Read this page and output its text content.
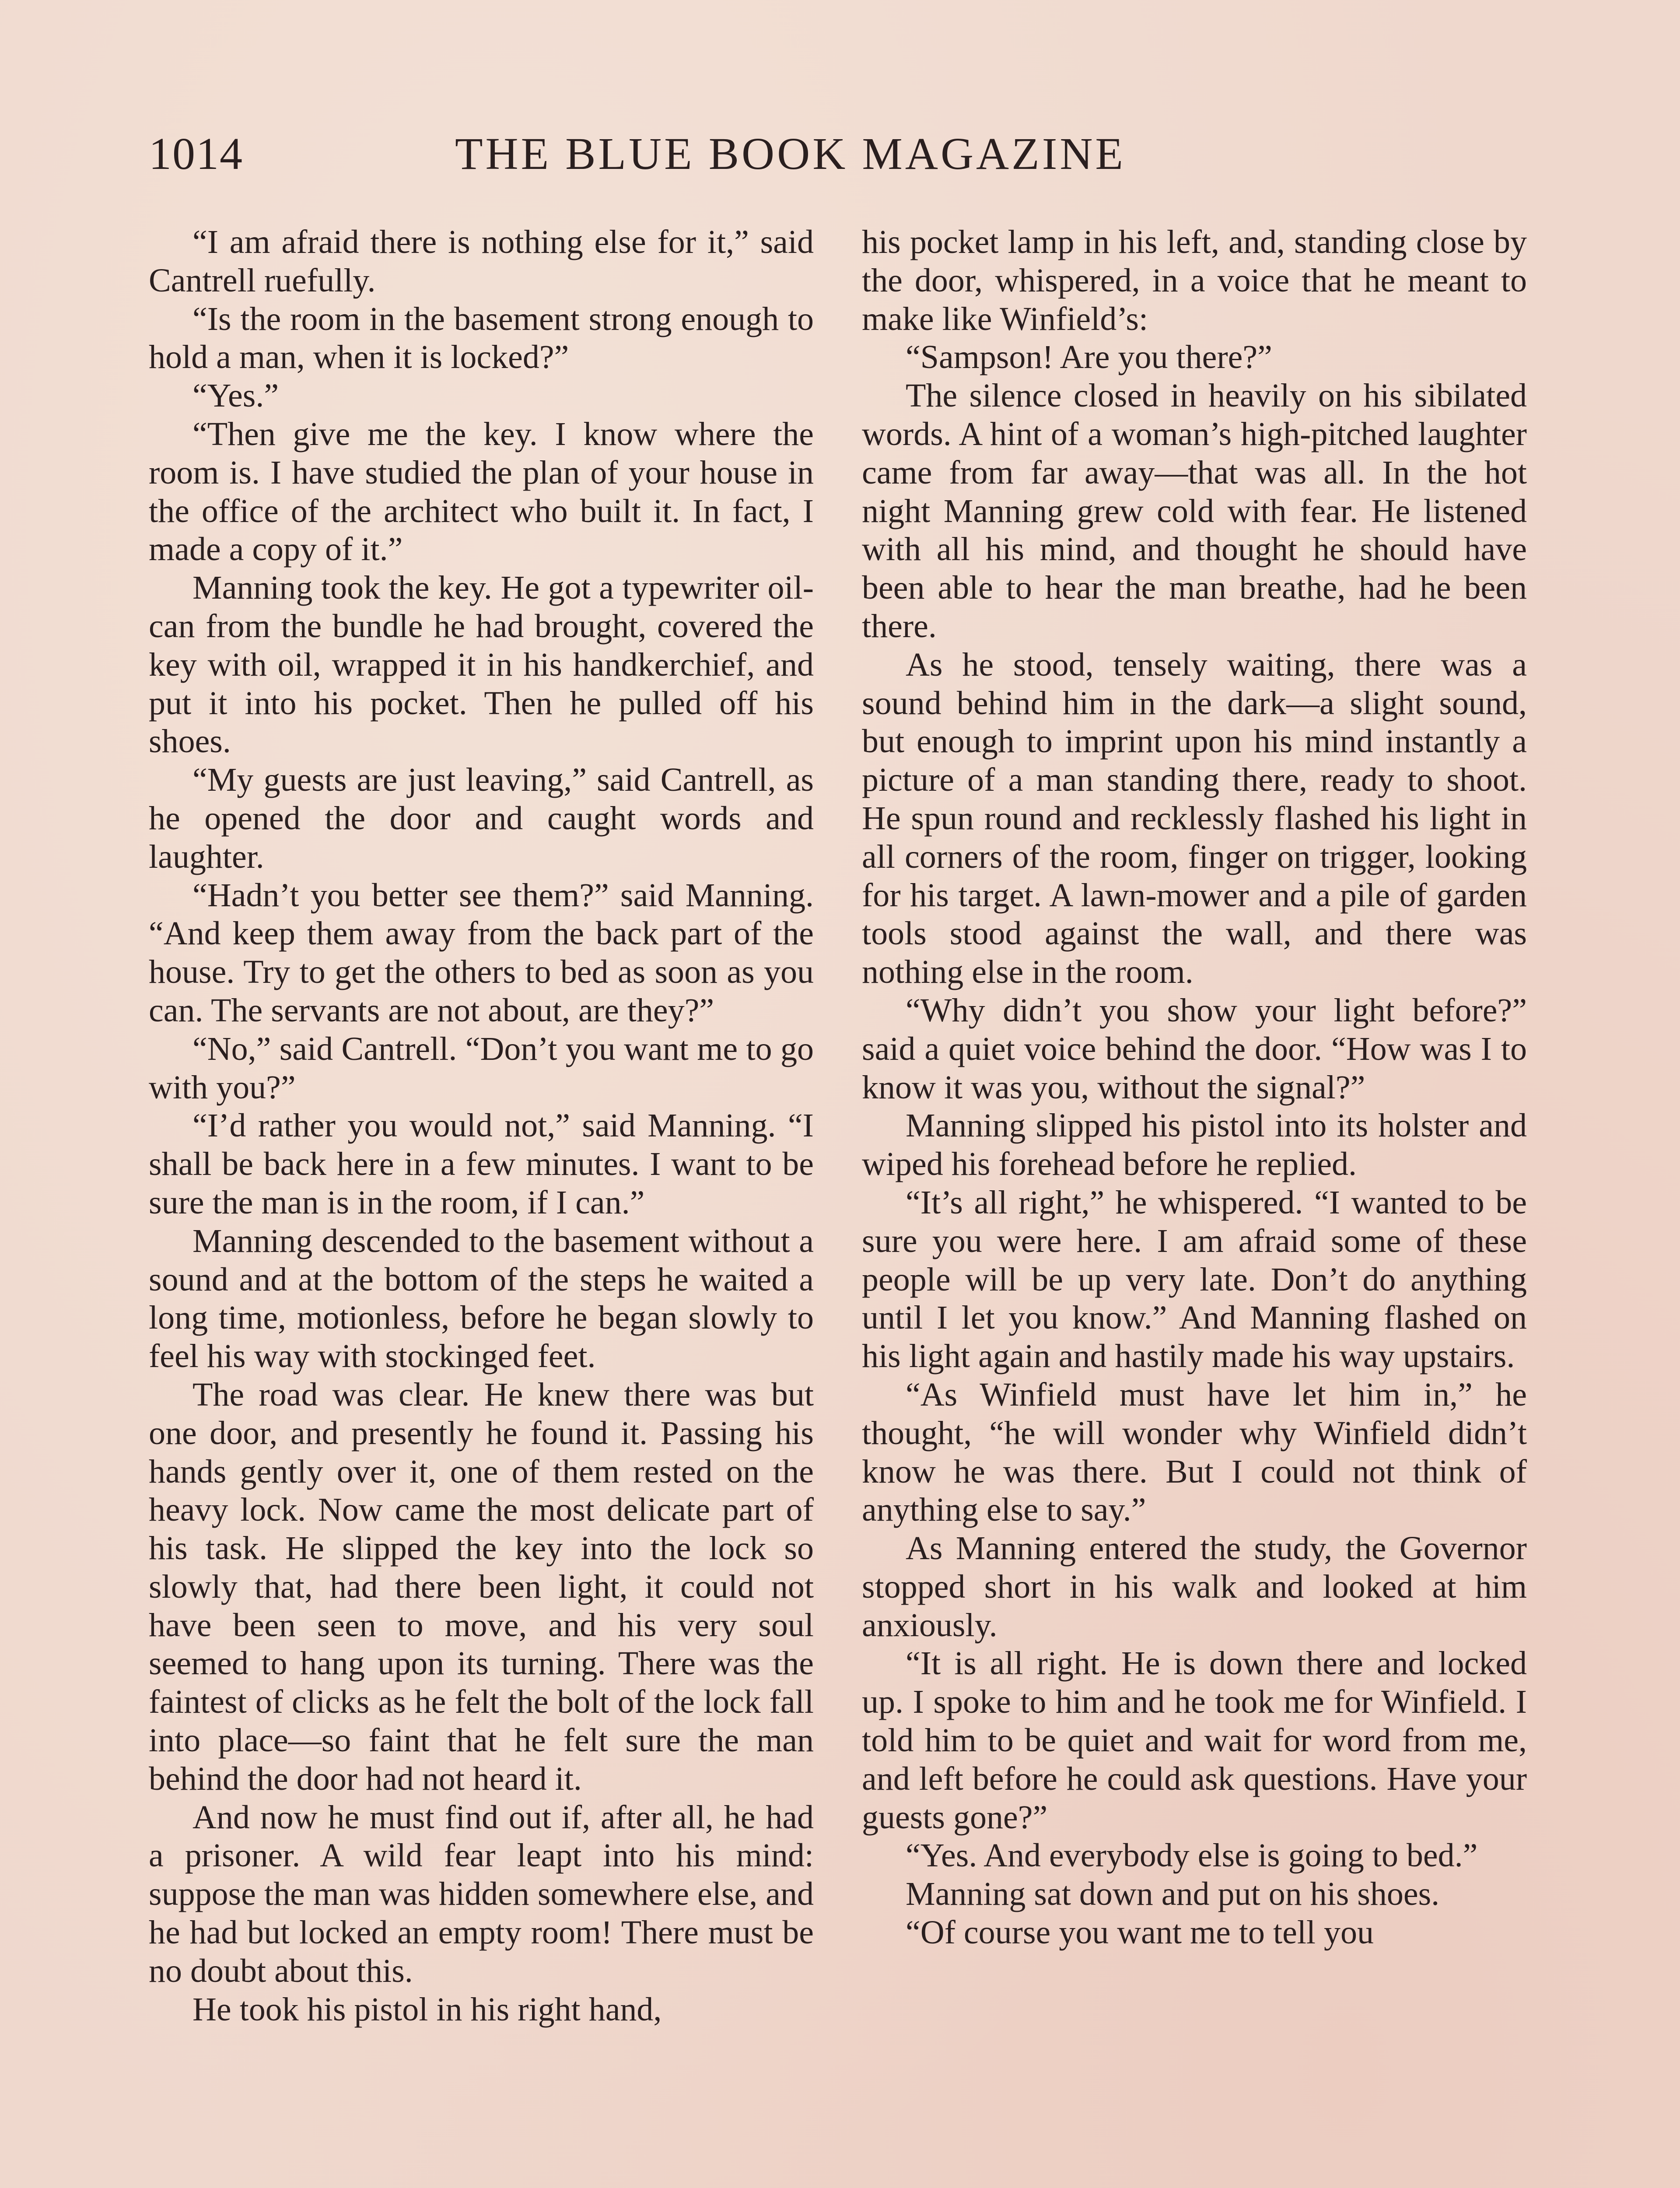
1014	THE BLUE BOOK MAGAZINE

“I am afraid there is nothing else for it,” said Cantrell ruefully.

“Is the room in the basement strong enough to hold a man, when it is locked?”

“Yes.”

“Then give me the key. I know where the room is. I have studied the plan of your house in the office of the architect who built it. In fact, I made a copy of it.”

Manning took the key. He got a typewriter oil-can from the bundle he had brought, covered the key with oil, wrapped it in his handkerchief, and put it into his pocket. Then he pulled off his shoes.

“My guests are just leaving,” said Cantrell, as he opened the door and caught words and laughter.

“Hadn’t you better see them?” said Manning. “And keep them away from the back part of the house. Try to get the others to bed as soon as you can. The servants are not about, are they?”

“No,” said Cantrell. “Don’t you want me to go with you?”

“I’d rather you would not,” said Manning. “I shall be back here in a few minutes. I want to be sure the man is in the room, if I can.”

Manning descended to the basement without a sound and at the bottom of the steps he waited a long time, motionless, before he began slowly to feel his way with stockinged feet.

The road was clear. He knew there was but one door, and presently he found it. Passing his hands gently over it, one of them rested on the heavy lock. Now came the most delicate part of his task. He slipped the key into the lock so slowly that, had there been light, it could not have been seen to move, and his very soul seemed to hang upon its turning. There was the faintest of clicks as he felt the bolt of the lock fall into place—so faint that he felt sure the man behind the door had not heard it.

And now he must find out if, after all, he had a prisoner. A wild fear leapt into his mind: suppose the man was hidden somewhere else, and he had but locked an empty room! There must be no doubt about this.

He took his pistol in his right hand,

his pocket lamp in his left, and, standing close by the door, whispered, in a voice that he meant to make like Winfield’s:

“Sampson! Are you there?”

The silence closed in heavily on his sibilated words. A hint of a woman’s high-pitched laughter came from far away—that was all. In the hot night Manning grew cold with fear. He listened with all his mind, and thought he should have been able to hear the man breathe, had he been there.

As he stood, tensely waiting, there was a sound behind him in the dark—a slight sound, but enough to imprint upon his mind instantly a picture of a man standing there, ready to shoot. He spun round and recklessly flashed his light in all corners of the room, finger on trigger, looking for his target. A lawn-mower and a pile of garden tools stood against the wall, and there was nothing else in the room.

“Why didn’t you show your light before?” said a quiet voice behind the door. “How was I to know it was you, without the signal?”

Manning slipped his pistol into its holster and wiped his forehead before he replied.

“It’s all right,” he whispered. “I wanted to be sure you were here. I am afraid some of these people will be up very late. Don’t do anything until I let you know.” And Manning flashed on his light again and hastily made his way upstairs.

“As Winfield must have let him in,” he thought, “he will wonder why Winfield didn’t know he was there. But I could not think of anything else to say.”

As Manning entered the study, the Governor stopped short in his walk and looked at him anxiously.

“It is all right. He is down there and locked up. I spoke to him and he took me for Winfield. I told him to be quiet and wait for word from me, and left before he could ask questions. Have your guests gone?”

“Yes. And everybody else is going to bed.”

Manning sat down and put on his shoes.

“Of course you want me to tell you
